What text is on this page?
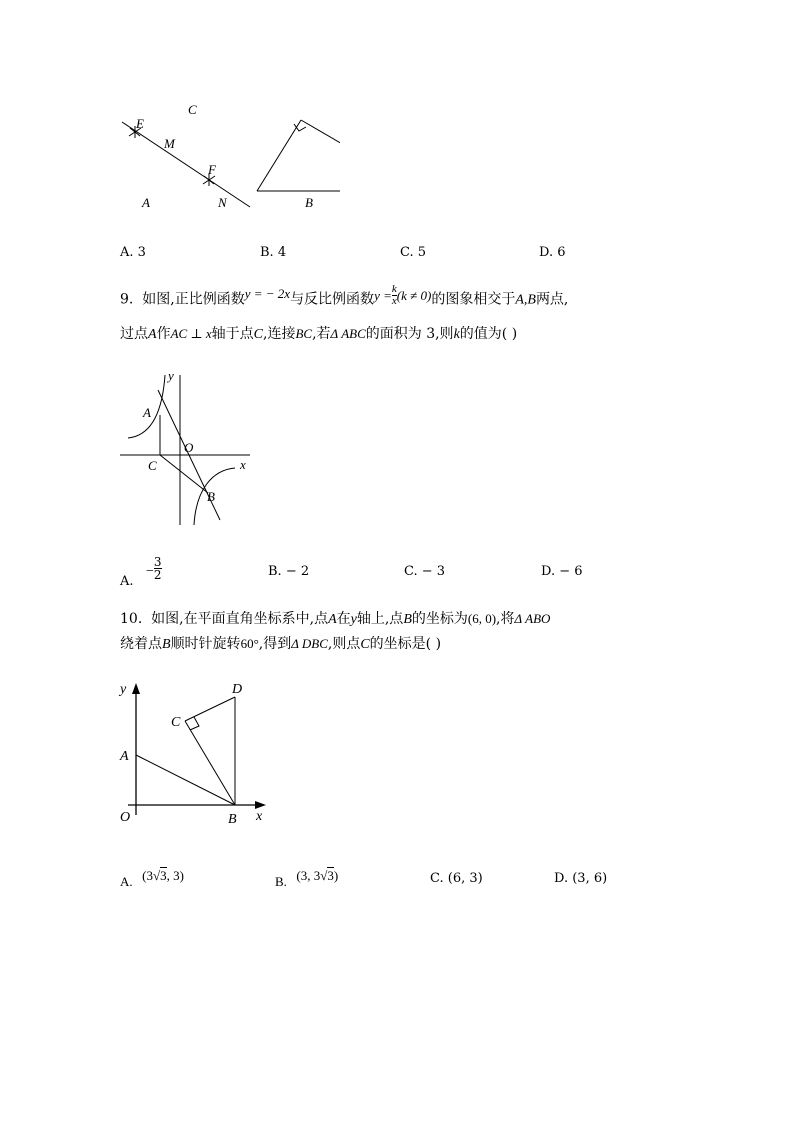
E
C
M
F
A	N	B
A. 3	B. 4	C. 5	D. 6
9. 如图,正比例函数y = − 2x与反比例函数$y = \frac{k}{x} (k \ne 0)$的图象相交于A,B两点,
过点A作AC ⊥ x轴于点C,连接BC,若Δ ABC的面积为 3,则k的值为( )
y
A
O
C	x
B
A. − $\frac{3}{2}$	B. − 2	C. − 3	D. − 6
10. 如图,在平面直角坐标系中,点A在y轴上,点B的坐标为(6, 0),将Δ ABO
绕着点B顺时针旋转60°,得到Δ DBC,则点C的坐标是( )
y	D
C
A
O	B x
A. (3√3, 3)	B. (3, 3√3)	C. (6, 3)	D. (3, 6)
